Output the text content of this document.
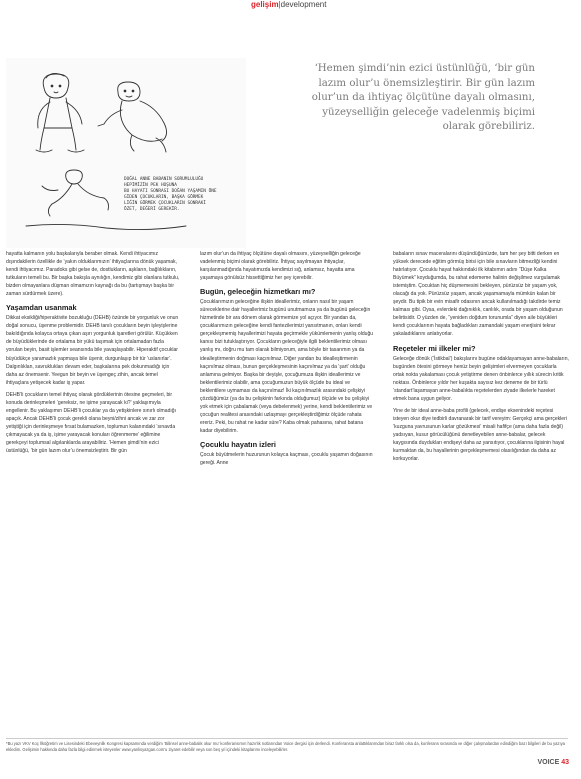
gelişim|development
DOĞAL ANNE BABANIN SORUMLULUĞU
HEPİMİZİN PEK HOŞUNA
BU HAYATI SONRASI DOĞAN YAŞAMIN ÖNE
GİDEN ÇOCUKLARIN, BAŞKA GÖRMEK
LİĞİN GÖRMEK ÇOCUKLARIN SONRAKİ
ÖZET, DEĞERİ GEREKİR.
‘Hemen şimdi’nin ezici üstünlüğü, ‘bir gün lazım olur’u önemsizleştirir. Bir gün lazım olur’un da ihtiyaç ölçütüne dayalı olmasını, yüzeyselliğin geleceğe vadelenmiş biçimi olarak görebiliriz.

hayatta kalmanın yolu başkalarıyla beraber olmak. Kendi ihtiyacımız dışındakilerin özellikle de ‘yakın olduklarımızın’ ihtiyaçlarına dönük yaşamak, kendi ihtiyacımız. Paradoks gibi gelse de, dostlukların, aşkların, bağlılıkların, tutkuların temeli bu. Bir başka bakışla aynılığın, kendimiz gibi olanlara tutkulu, bizden olmayanlara düşman olmamızın kaynağı da bu (tartışmayı başka bir zaman sürdürmek üzere).

Yaşamdan usanmak

Dikkat eksikliği/hiperaktivite bozukluğu (DEHB) özünde bir yorgunluk ve onun doğal sonucu, üşenme problemidir. DEHB tanılı çocukların beyin işleyişlerine bakıldığında kolayca ortaya çıkan aşırı yorgunluk işaretleri görülür. Küçükken de büyüdüklerinde de ortalama bir yükü taşımak için ortalamadan fazla yorulan beyin, basit işlemler seansında bile yavaşlayabilir. Hiperaktif çocuklar büyüdükçe yaramazlık yapmaya bile üşenir, durgunlaşıp bir tür ‘uslanırlar’. Dalgınlıklan, savruklukları devam eder, başkalarına pek dokunmadığı için daha az önemsenir. Yeegun bir beyin ve üşengeç zihin, ancak temel ihtiyaçlara yetişecek kadar iş yapar.

DEHB’li çocukların temel ihtiyaç olarak gördüklerinin ötesine geçmeleri, bir konuda derinleşmeleri ‘gereksiz, ne işime yarayacak ki?’ yaklaşımıyla engellenir. Bu yaklaşımın DEHB’li çocuklar ya da yetişkinlere sınırlı olmadığı apaçık. Ancak DEHB’li çocuk gerekli olana beyni/zihni ancak ve zar zor yetiştiği için derinleşmeye fırsat bulamazken, toplumun kalanındaki ‘sınavda çıkmayacak ya da iş, işime yarayacak konuları öğrenmeme’ eğilimine gerekçeyi toplumsal algılanklarda arayabiliriz. ‘Hemen şimdi’nin ezici üstünlüğü, ‘bir gün lazım olur’u önemsizleştirir. Bir gün

lazım olur’un da ihtiyaç ölçütüne dayalı olmasını, yüzeyselliğin geleceğe vadelenmiş biçimi olarak görebiliriz. İhtiyaç sayılmayan ihtiyaçlar, karşılanmadığında hayatımızda kendimizi sığ, anlamsız, hayatta ama yaşamaya gönülsüz hissettiğimiz her şey içerebilir.

Bugün, geleceğin hizmetkarı mı?

Çocuklarımızın geleceğine ilişkin ideallerimiz, onların nasıl bir yaşam süreceklerine dair hayallerimiz bugünü unutmamıza ya da bugünü geleceğin hizmetinde bir ara dönem olarak görmemize yol açıyor. Bir yandan da, çocuklarımızın geleceğine kendi fantezilerimizi yansıtmanın, onları kendi gerçekleşmemiş hayallerimizi hayata geçirmekle yükümlemenin yanlış olduğu kanısı bizi tutuklaştırıyor. Çocukların geleceğiyle ilgili beklentilerimiz olması yanlış mı, doğru mu tam olarak bilmiyorum, ama böyle bir tasarımın ya da idealleştirmenin doğması kaçınılmaz. Diğer yandan bu idealleştirmenin kaçınılmaz olması, bunun gerçekleşmesinin kaçınılmaz ya da ‘şart’ olduğu anlamına gelmiyor. Başka bir deyişle, çocuğumuza ilişkin ideallerimiz ve beklentilerimiz olabilir, ama çocuğumuzun büyük ölçüde bu ideal ve beklentilere uymaması da kaçınılmaz! İki kaçınılmazlık arasındaki çelişkiyi çözdüğümüz (ya da bu çelişkinin farkında olduğumuz) ölçüde ve bu çelişkiyi yok etmek için çabalamak (veya debelenmek) yerine, kendi beklentilerimiz ve çocuğun realitesi arasındaki uzlaşmayı gerçekleştirdiğimiz ölçüde rahata ereriz. Peki, bu rahat ne kadar süre? Kaba olmak pahasına, rahat batana kadar diyebilirim.

Çocuklu hayatın izleri

Çocuk büyütmelerin huzurunun kolayca kaçması, çocuklu yaşamın doğasının gereği. Anne

babaların sınav maceralarını düşündüğünüzde, tam her şey bitti derken en yüksek derecede eğitim görmüş birisi için bile sınavların bitmezliği kendini hatırlatıyor. Çocuklu hayat hakkındaki ilk kitabımın adını “Düşe Kalka Büyümek” koyduğumda, bu rahat edememe halinin değişilmez vurgulamak istemiştim. Çocuktan hiç düşmemesini bekleyen, pürüzsüz bir yaşam yok, olacağı da yok. Pürüzsüz yaşam, ancak yaşamamayla mümkün kalan bir şeydir. Bu tipik bir evin misafir odasının ancak kullanılmadığı takdirde temiz kalması gibi. Oysa, evlerdeki dağınıklık, canlılık, orada bir yaşam olduğunun belirtisidir. O yüzden de, “yeniden doğdum torunumla” diyen aile büyükleri kendi çocuklarının hayata bağladıkları zamandaki yaşam enerjisini tekrar yakaladıklarını anlatıyorlar.

Reçeteler mi ilkeler mi?

Geleceğe dönük (‘İstikbal’) bakışlarını bugüne odaklayamayan anne-babaların, bugünden ötesini görmeye henüz beyin gelişimleri elvermeyen çocuklarla ortak nokta yakalaması çocuk yetiştirme denen önbinlerce yıllık sürecin kritik noktası. Önbinlerce yıldır her kuşakta sayısız kez deneme de bir türlü ‘standart’laşamayan anne-babalıkta reçetelerden ziyade ilkelerle hareket etmek bana uygun geliyor.

Yine de bir ideal anne-baba profili (gelecek, endişe eksenindeki reçetesi isteyen okur diye tedbirli davranarak bir tarif vereyim: Gerçekçi ama gerçekleri ‘kuzguna yavrusunun karlar gözükmesi’ misali hafifçe (ama daha fazla değil) yadsıyan, kusur görücülüğünü denetleyebilen anne-babalar, gelecek kaygısında duydukları endişeyi daha az yansıtıyor, çocuklarına ilgisinin hayal kurmaktan da, bu hayallerinin gerçekleşmemesi olasılığından da daha az korkuyorlar.

*Bu yazı VKV Koç İlköğretim ve Lisesindeki Ebeveynlik Kongresi kapsamında verdiğim ‘Bilinsel anne-babalık okur mu’ konferansımın hazırlık notlarından Voice dergisi için derlendi. Konferansta anlattıklarımdan biraz farklı olsa da, konferans sırasında ve diğer çalışmalardan edindiğim bazı bilgileri de bu yazıya ekledim. Gelişimin hakkında daha fazla bilgi edinmek isteyenler www.yanlisyazgan.com’u ziyaret edebilir veya son beş yıl içindeki kitaplarımı inceleyebilirler.
VOICE 43
